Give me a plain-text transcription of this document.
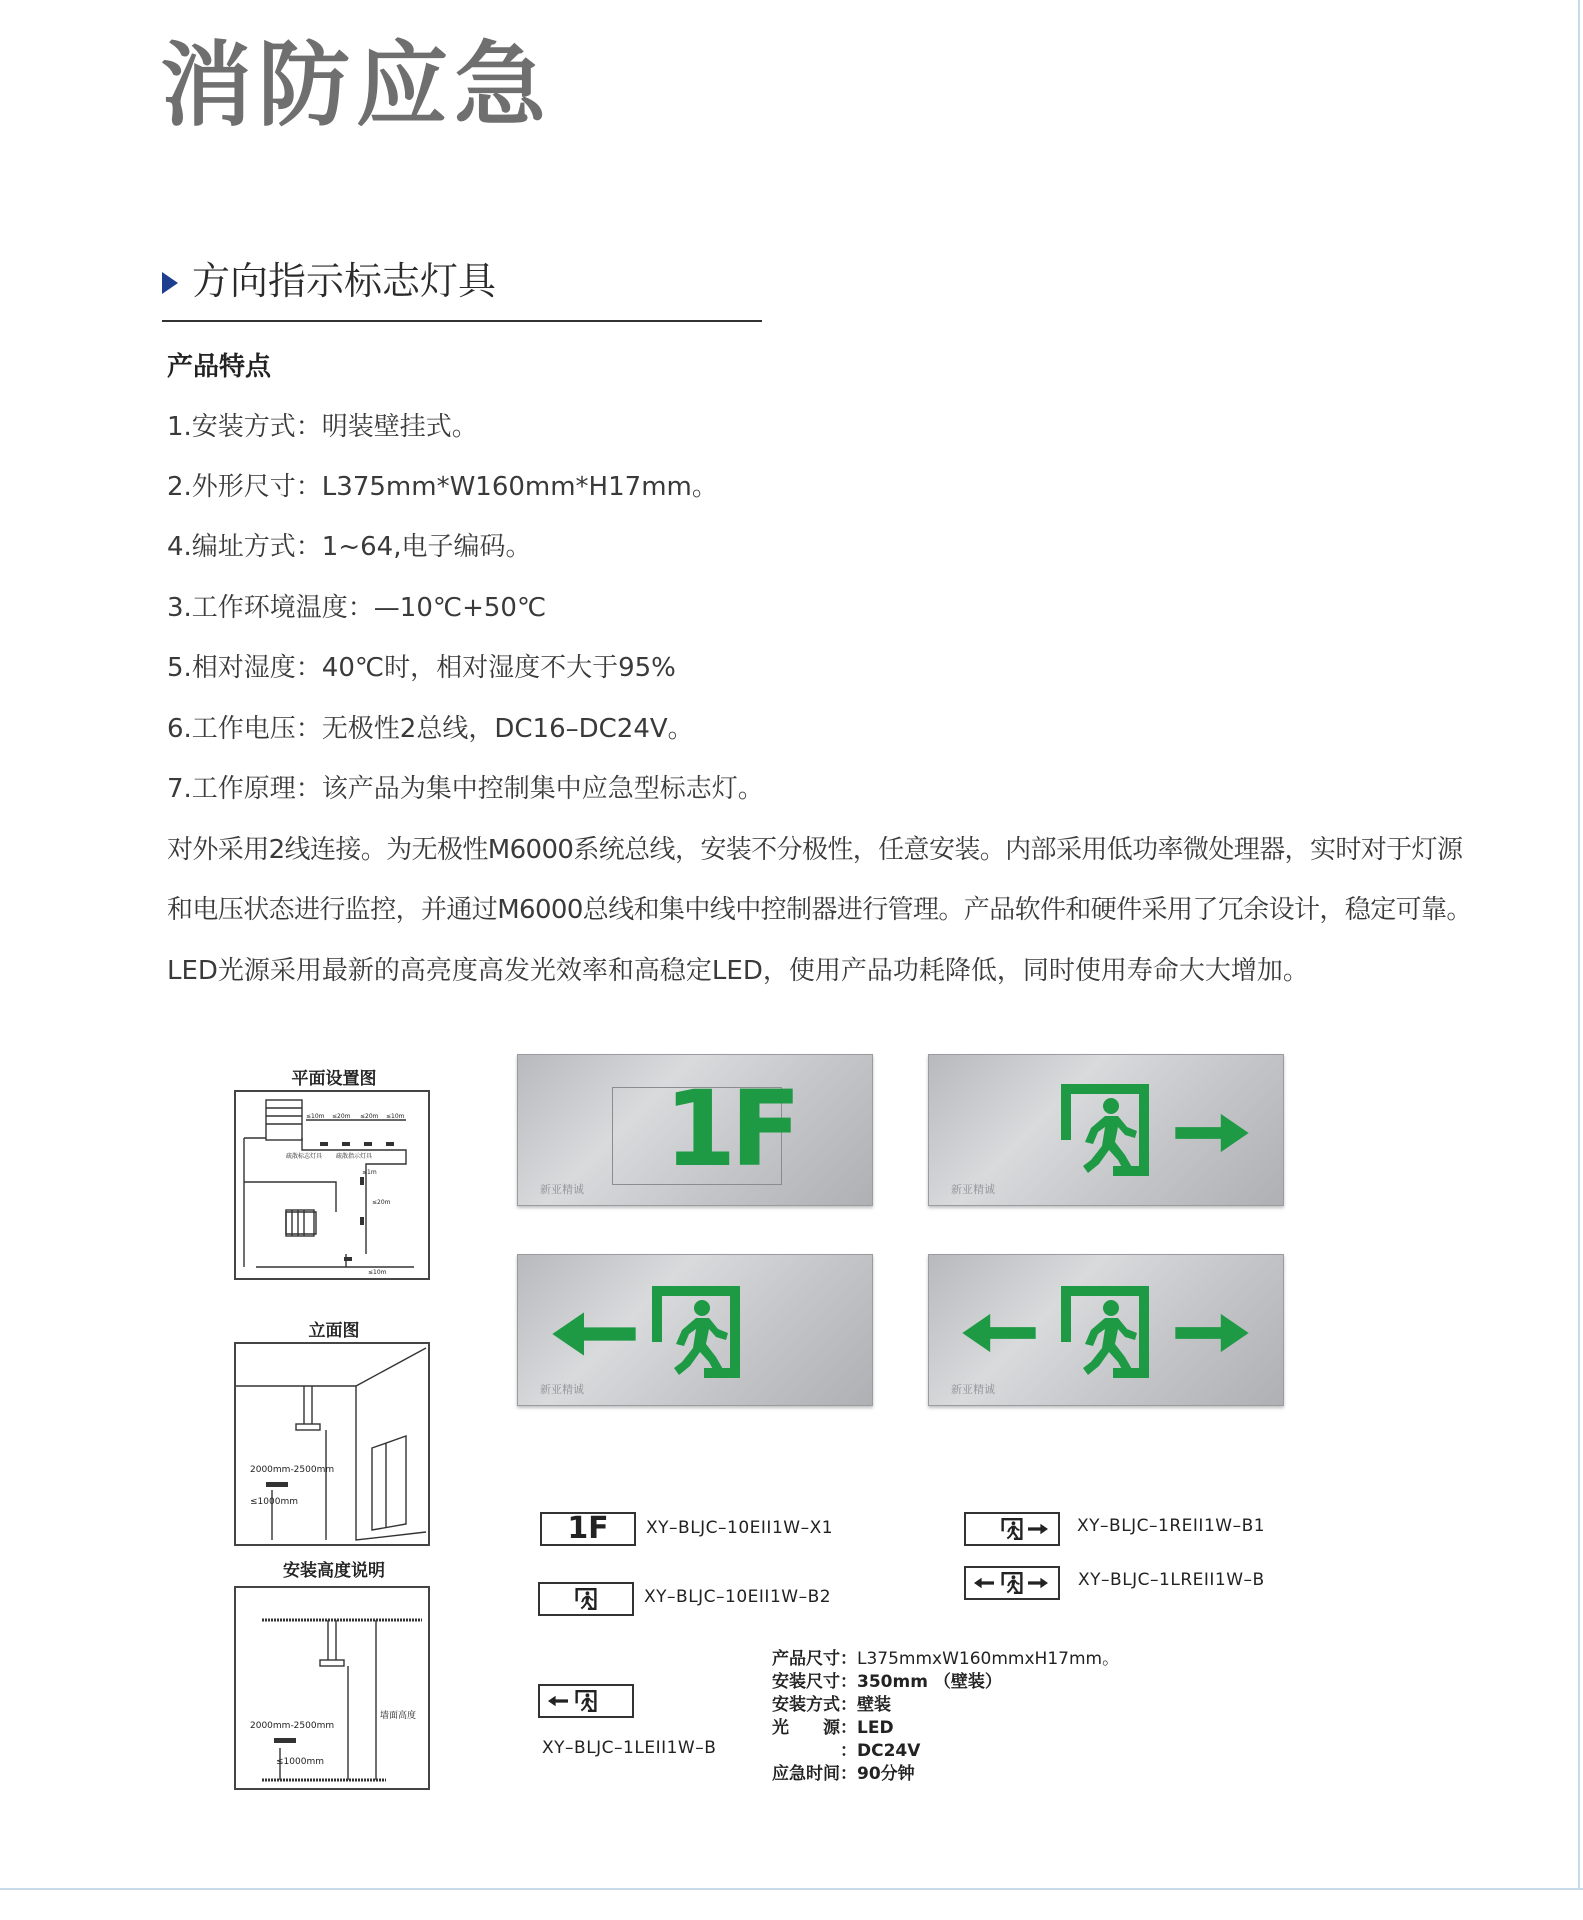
消防应急
方向指示标志灯具
产品特点
1.安装方式：明装壁挂式。
2.外形尺寸：L375mm*W160mm*H17mm。
4.编址方式：1~64,电子编码。
3.工作环境温度：—10℃+50℃
5.相对湿度：40℃时，相对湿度不大于95%
6.工作电压：无极性2总线，DC16–DC24V。
7.工作原理：该产品为集中控制集中应急型标志灯。
对外采用2线连接。为无极性M6000系统总线，安装不分极性，任意安装。内部采用低功率微处理器，实时对于灯源
和电压状态进行监控，并通过M6000总线和集中线中控制器进行管理。产品软件和硬件采用了冗余设计，稳定可靠。
LED光源采用最新的高亮度高发光效率和高稳定LED，使用产品功耗降低，同时使用寿命大大增加。
平面设置图
≤10m ≤20m ≤20m ≤10m
≤1m
≤20m
≤10m
疏散标志灯具 疏散指示灯具
立面图
2000mm-2500mm
≤1000mm
安装高度说明
2000mm-2500mm
≤1000mm
墙面高度
1F
新亚精诚	新亚精诚
新亚精诚	新亚精诚
1F	XY–BLJC–10EII1W–X1	XY–BLJC–1REII1W–B1
XY–BLJC–10EII1W–B2
XY–BLJC–1LREII1W–B
XY–BLJC–1LEII1W–B
产品尺寸：L375mmxW160mmxH17mm。
安装尺寸：350mm （壁装）
安装方式：壁装
光　　源：LED
　　　　：DC24V
应急时间：90分钟
